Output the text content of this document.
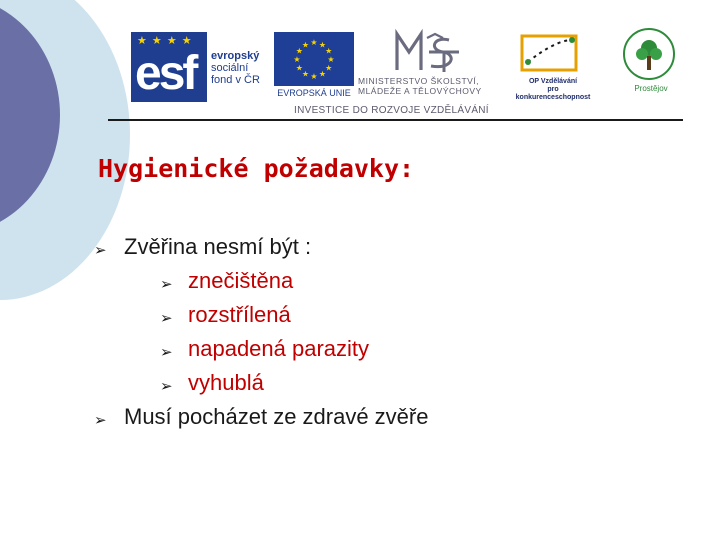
★ ★ ★ ★
esf evropský
sociální
fond v ČR
★ ★
★
★
★
★
★
★
★
★
★
★
EVROPSKÁ UNIE
MINISTERSTVO ŠKOLSTVÍ,
MLÁDEŽE A TĚLOVÝCHOVY
OP Vzdělávání
pro konkurenceschopnost
Prostějov
INVESTICE DO ROZVOJE VZDĚLÁVÁNÍ
Hygienické požadavky:
➢ Zvěřina nesmí být :
➢ znečištěna
➢ rozstřílená
➢ napadená parazity
➢ vyhublá
➢ Musí pocházet ze zdravé zvěře
